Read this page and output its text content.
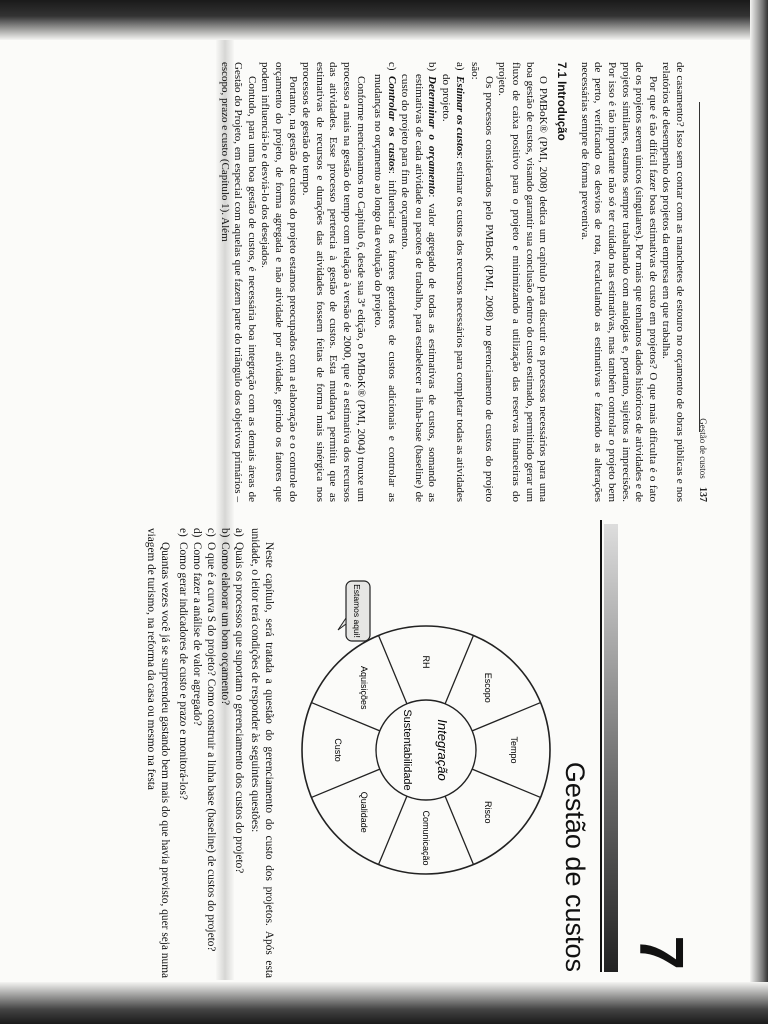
Gestão de custos 137

de casamento? Isso sem contar com as manchetes de estouro no orçamento de obras públicas e nos relatórios de desempenho dos projetos da empresa em que trabalha.

Por que é tão difícil fazer boas estimativas de custo em projetos? O que mais dificulta é o fato de os projetos serem únicos (singulares). Por mais que tenhamos dados históricos de atividades e de projetos similares, estamos sempre trabalhando com analogias e, portanto, sujeitos a imprecisões. Por isso é tão importante não só ter cuidado nas estimativas, mas também controlar o projeto bem de perto, verificando os desvios de rota, recalculando as estimativas e fazendo as alterações necessárias sempre de forma preventiva.

7.1 Introdução

O PMBoK® (PMI, 2008) dedica um capítulo para discutir os processos necessários para uma boa gestão de custos, visando garantir sua conclusão dentro do custo estimado, permitindo gerar um fluxo de caixa positivo para o projeto e minimizando a utilização das reservas financeiras do projeto.

Os processos considerados pelo PMBoK (PMI, 2008) no gerenciamento de custos do projeto são:

a)Estimar os custos: estimar os custos dos recursos necessários para completar todas as atividades do projeto.
b)Determinar o orçamento: valor agregado de todas as estimativas de custos, somando as estimativas de cada atividade ou pacotes de trabalho, para estabelecer a linha-base (baseline) de custo do projeto para fim de orçamento.
c)Controlar os custos: influenciar os fatores geradores de custos adicionais e controlar as mudanças no orçamento ao longo da evolução do projeto.

Conforme mencionamos no Capítulo 6, desde sua 3ª edição, o PMBoK® (PMI, 2004) trouxe um processo a mais na gestão do tempo com relação à versão de 2000, que é a estimativa dos recursos das atividades. Esse processo pertencia à gestão de custos. Esta mudança permitiu que as estimativas de recursos e durações das atividades fossem feitas de forma mais sinérgica nos processos de gestão do tempo.

Portanto, na gestão de custos do projeto estamos preocupados com a elaboração e o controle do orçamento do projeto, de forma agregada e não atividade por atividade, gerindo os fatores que podem influenciá-lo e desviá-lo dos desejados.

Contudo, para uma boa gestão de custos, é necessária boa integração com as demais áreas de Gestão do Projeto, em especial com aquelas que fazem parte do triângulo dos objetivos primários – escopo, prazo e custo (Capítulo 1). Além

7
Gestão de custos
Tempo
Risco
Comunicação
Qualidade
Custo
Aquisições
RH
Escopo
Integração
Sustentabilidade
Estamos aqui!

Neste capítulo, será tratada a questão do gerenciamento do custo dos projetos. Após esta unidade, o leitor terá condições de responder às seguintes questões:

a)Quais os processos que suportam o gerenciamento dos custos do projeto?
b)Como elaborar um bom orçamento?
c)O que é a curva S do projeto? Como construir a linha base (baseline) de custos do projeto?
d)Como fazer a análise de valor agregado?
e)Como gerar indicadores de custo e prazo e monitorá-los?

Quantas vezes você já se surpreendeu gastando bem mais do que havia previsto, quer seja numa viagem de turismo, na reforma da casa ou mesmo na festa
